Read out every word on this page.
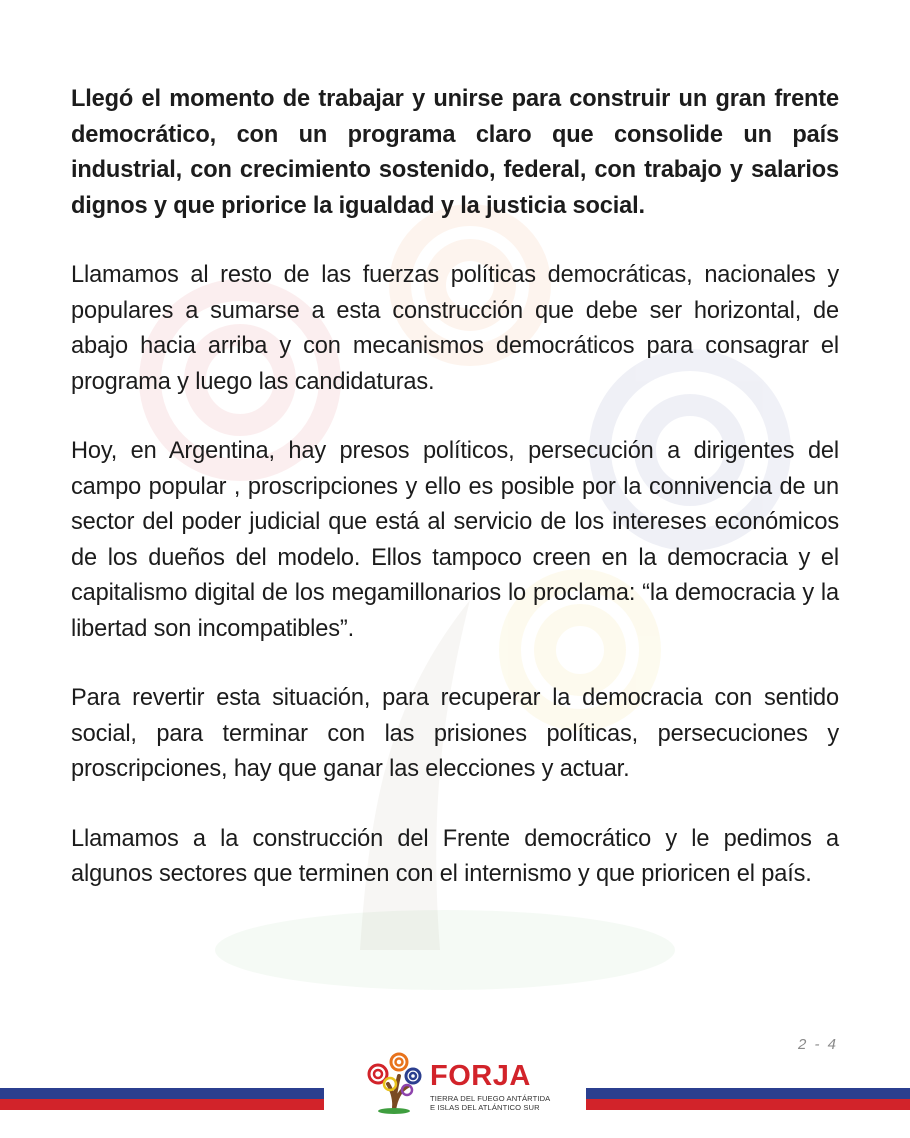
Llegó el momento de trabajar y unirse para construir un gran frente democrático, con un programa claro que consolide un país industrial, con crecimiento sostenido, federal, con trabajo y salarios dignos y que priorice la igualdad y la justicia social.

Llamamos al resto de las fuerzas políticas democráticas, nacionales y populares a sumarse a esta construcción que debe ser horizontal, de abajo hacia arriba y con mecanismos democráticos para consagrar el programa y luego las candidaturas.

Hoy, en Argentina, hay presos políticos, persecución a dirigentes del campo popular , proscripciones y ello es posible por la connivencia de un sector del poder judicial que está al servicio de los intereses económicos de los dueños del modelo. Ellos tampoco creen en la democracia y el capitalismo digital de los megamillonarios lo proclama: “la democracia y la libertad son incompatibles”.

Para revertir esta situación, para recuperar la democracia con sentido social, para terminar con las prisiones políticas, persecuciones y proscripciones, hay que ganar las elecciones y actuar.

Llamamos a la construcción del Frente democrático y le pedimos a algunos sectores que terminen con el internismo y que prioricen el país.

2 - 4
FORJA
TIERRA DEL FUEGO ANTÁRTIDA
E ISLAS DEL ATLÁNTICO SUR
